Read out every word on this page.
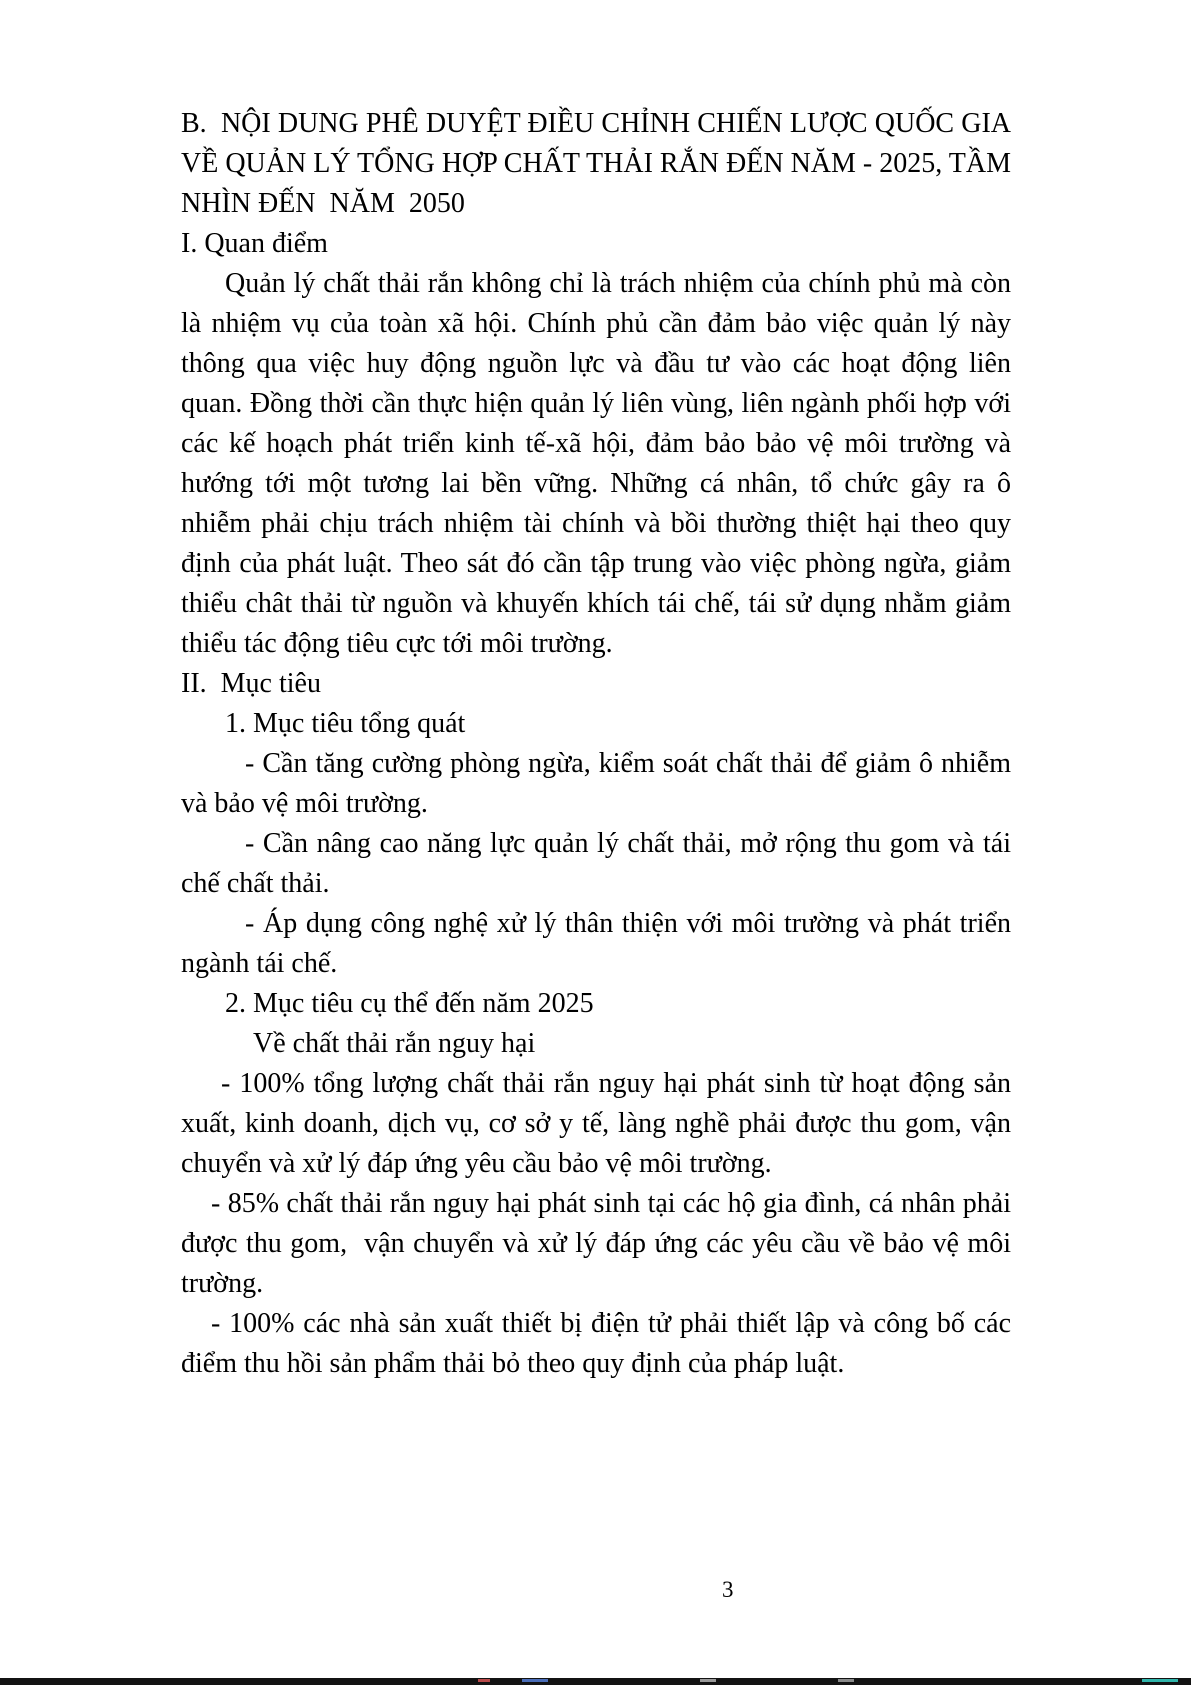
B.  NỘI DUNG PHÊ DUYỆT ĐIỀU CHỈNH CHIẾN LƯỢC QUỐC GIA VỀ QUẢN LÝ TỔNG HỢP CHẤT THẢI RẮN ĐẾN NĂM - 2025, TẦM NHÌN ĐẾN  NĂM  2050

I. Quan điểm

Quản lý chất thải rắn không chỉ là trách nhiệm của chính phủ mà còn là nhiệm vụ của toàn xã hội. Chính phủ cần đảm bảo việc quản lý này thông qua việc huy động nguồn lực và đầu tư vào các hoạt động liên quan. Đồng thời cần thực hiện quản lý liên vùng, liên ngành phối hợp với các kế hoạch phát triển kinh tế-xã hội, đảm bảo bảo vệ môi trường và hướng tới một tương lai bền vững. Những cá nhân, tổ chức gây ra ô nhiễm phải chịu trách nhiệm tài chính và bồi thường thiệt hại theo quy định của phát luật. Theo sát đó cần tập trung vào việc phòng ngừa, giảm thiểu chât thải từ nguồn và khuyến khích tái chế, tái sử dụng nhằm giảm thiểu tác động tiêu cực tới môi trường.

II.  Mục tiêu

1. Mục tiêu tổng quát

- Cần tăng cường phòng ngừa, kiểm soát chất thải để giảm ô nhiễm và bảo vệ môi trường.

- Cần nâng cao năng lực quản lý chất thải, mở rộng thu gom và tái chế chất thải.

- Áp dụng công nghệ xử lý thân thiện với môi trường và phát triển ngành tái chế.

2. Mục tiêu cụ thể đến năm 2025

Về chất thải rắn nguy hại

- 100% tổng lượng chất thải rắn nguy hại phát sinh từ hoạt động sản xuất, kinh doanh, dịch vụ, cơ sở y tế, làng nghề phải được thu gom, vận chuyển và xử lý đáp ứng yêu cầu bảo vệ môi trường.

- 85% chất thải rắn nguy hại phát sinh tại các hộ gia đình, cá nhân phải được thu gom,  vận chuyển và xử lý đáp ứng các yêu cầu về bảo vệ môi trường.

- 100% các nhà sản xuất thiết bị điện tử phải thiết lập và công bố các điểm thu hồi sản phẩm thải bỏ theo quy định của pháp luật.

3
